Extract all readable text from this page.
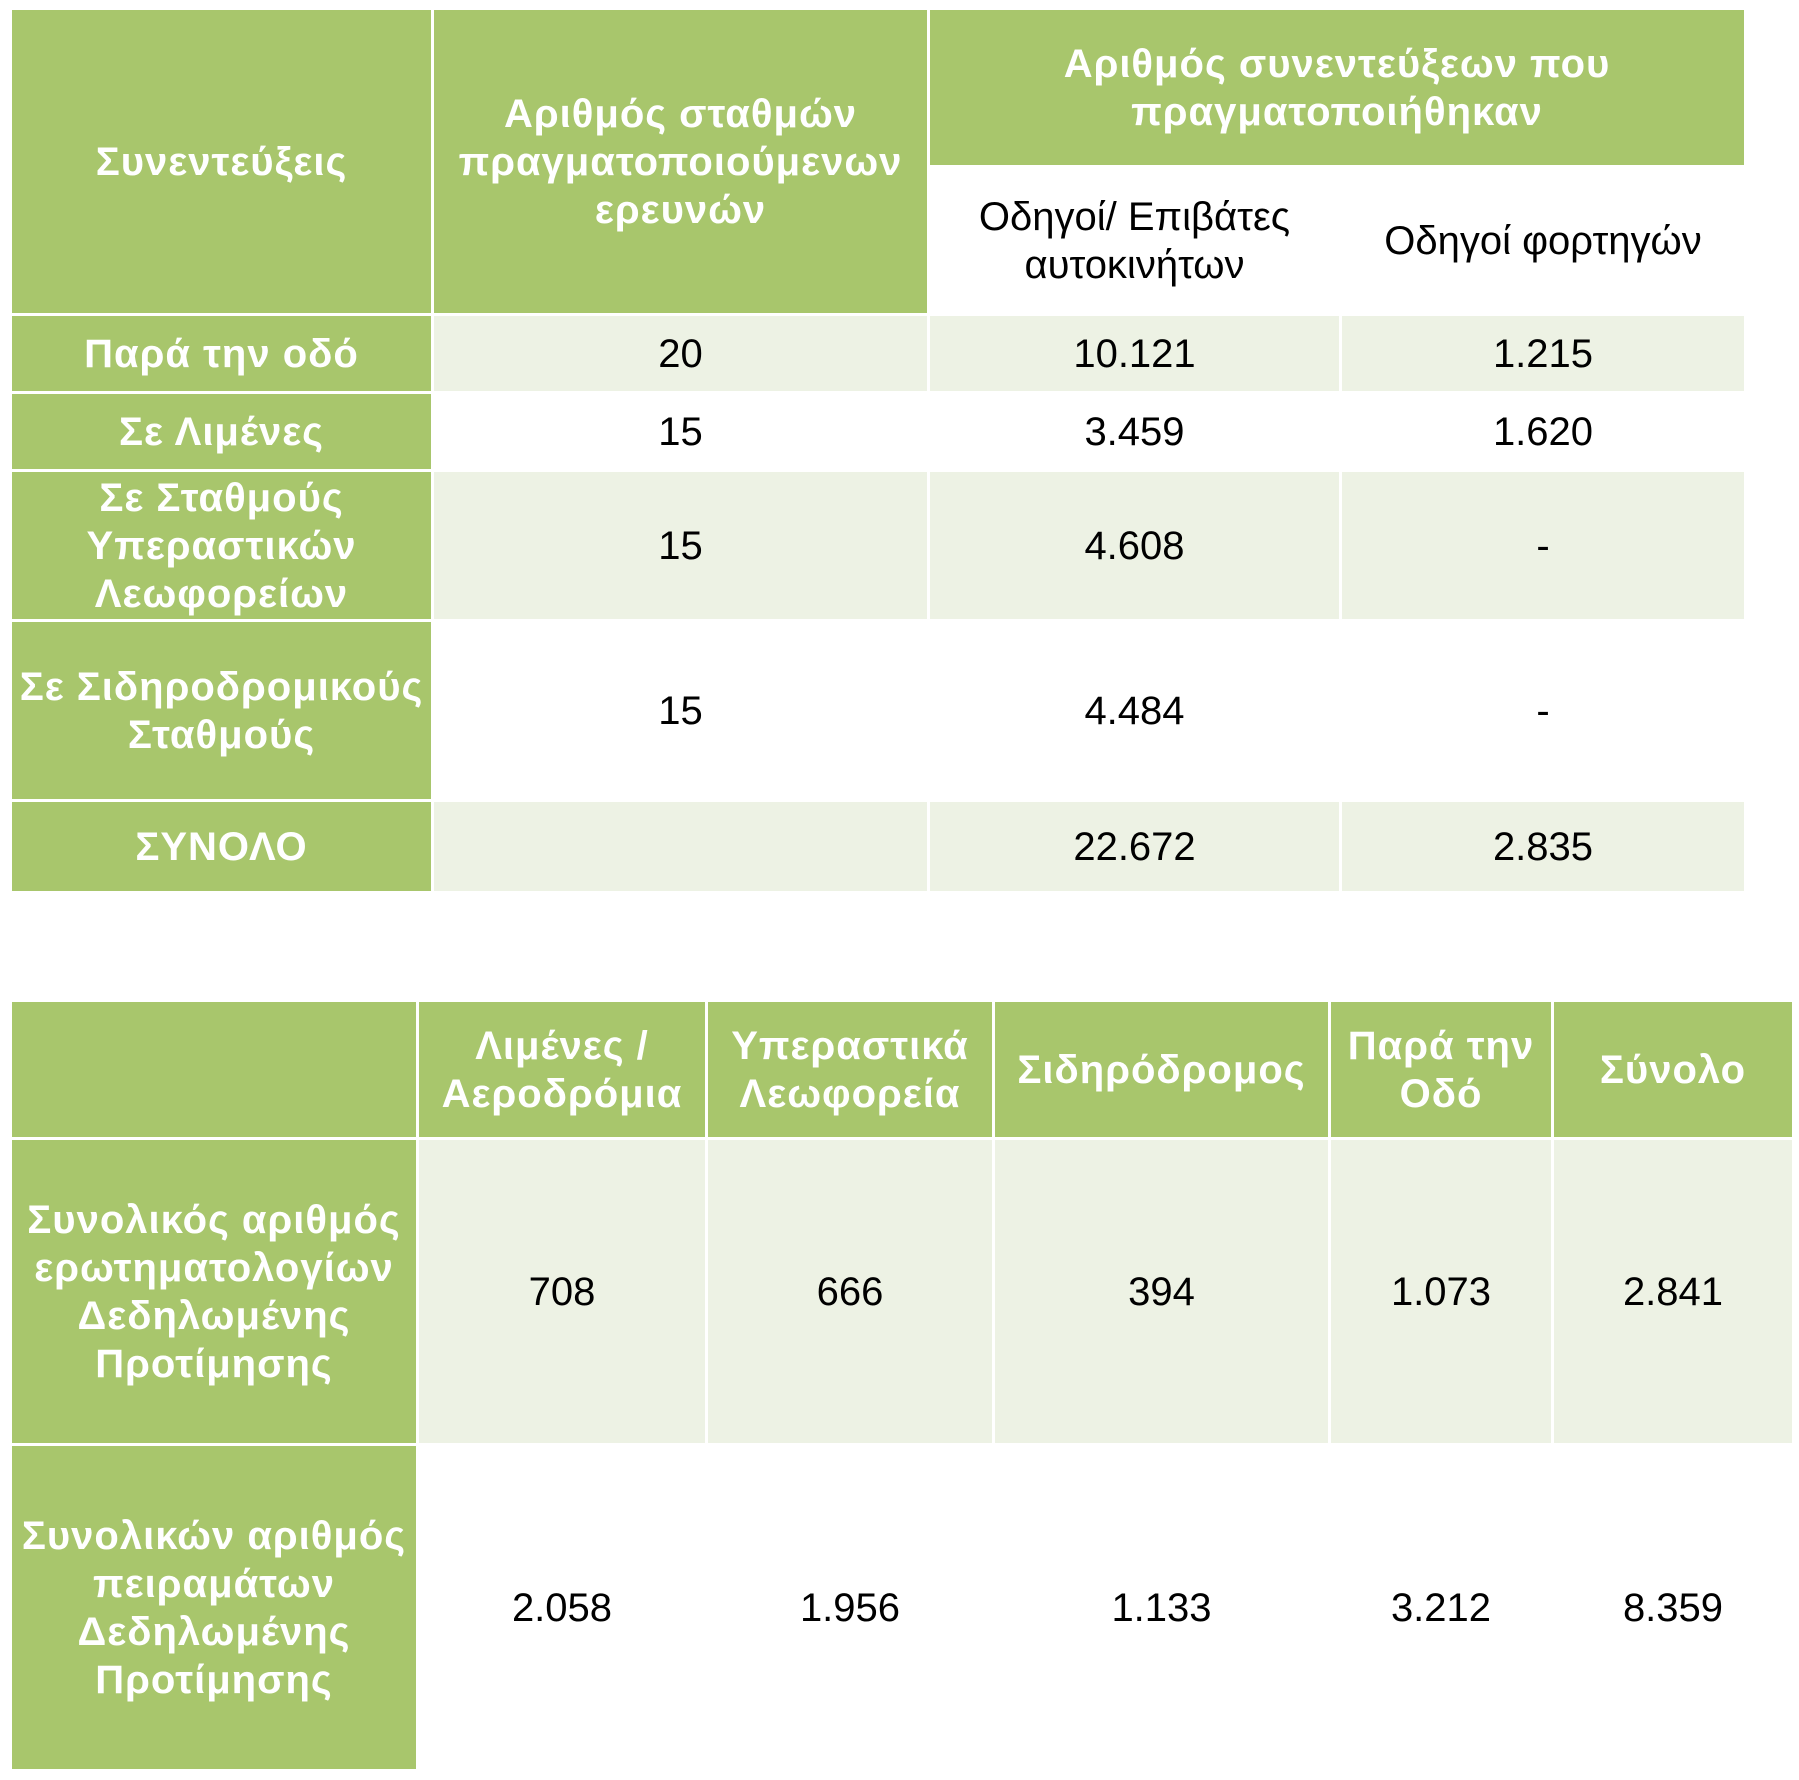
Συνεντεύξεις	Αριθμός σταθμών πραγματοποιούμενων ερευνών	Αριθμός συνεντεύξεων που πραγματοποιήθηκαν	
		Οδηγοί/ Επιβάτες αυτοκινήτων	Οδηγοί φορτηγών
Παρά την οδό	20	10.121	1.215
Σε Λιμένες	15	3.459	1.620
Σε Σταθμούς Υπεραστικών Λεωφορείων	15	4.608	-
Σε Σιδηροδρομικούς Σταθμούς	15	4.484	-
ΣΥΝΟΛΟ		22.672	2.835
	Λιμένες / Αεροδρόμια	Υπεραστικά Λεωφορεία	Σιδηρόδρομος	Παρά την Οδό	Σύνολο
Συνολικός αριθμός ερωτηματολογίων Δεδηλωμένης Προτίμησης	708	666	394	1.073	2.841
Συνολικών αριθμός πειραμάτων Δεδηλωμένης Προτίμησης	2.058	1.956	1.133	3.212	8.359
